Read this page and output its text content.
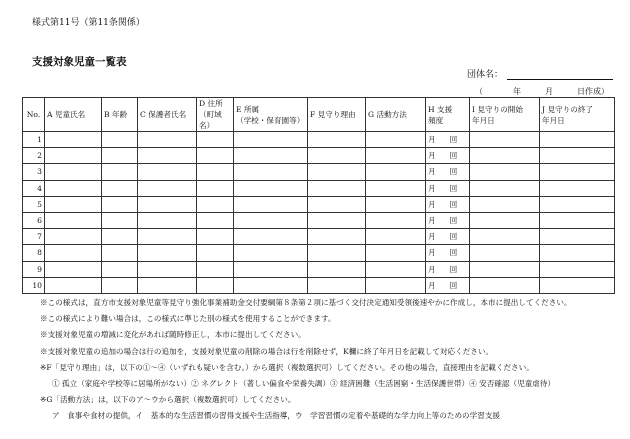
様式第11号（第11条関係）
支援対象児童一覧表
団体名：
（	年	月	日作成）
No.	A 児童氏名	B 年齢	C 保護者氏名	D 住所
（町域名）	E 所属
（学校・保育園等）	F 見守り理由	G 活動方法	H 支援
頻度	I 見守りの開始
年月日	J 見守りの終了
年月日
1								月 回		
2								月 回		
3								月 回		
4								月 回		
5								月 回		
6								月 回		
7								月 回		
8								月 回		
9								月 回		
10								月 回		
※この様式は，直方市支援対象児童等見守り強化事業補助金交付要綱第８条第２項に基づく交付決定通知受領後速やかに作成し，本市に提出してください。
※この様式により難い場合は，この様式に準じた別の様式を使用することができます。
※支援対象児童の増減に変化があれば随時修正し，本市に提出してください。
※支援対象児童の追加の場合は行の追加を，支援対象児童の削除の場合は行を削除せず，K欄に終了年月日を記載して対応ください。
※F「見守り理由」は，以下の①～④（いずれも疑いを含む。）から選択（複数選択可）してください。その他の場合，直接理由を記載ください。
① 孤立（家庭や学校等に居場所がない）② ネグレクト（著しい偏食や栄養失調）③ 経済困難（生活困窮・生活保護世帯）④ 安否確認（児童虐待）
※G「活動方法」は，以下のア～ウから選択（複数選択可）してください。
ア　食事や食材の提供，イ　基本的な生活習慣の習得支援や生活指導，ウ　学習習慣の定着や基礎的な学力向上等のための学習支援
